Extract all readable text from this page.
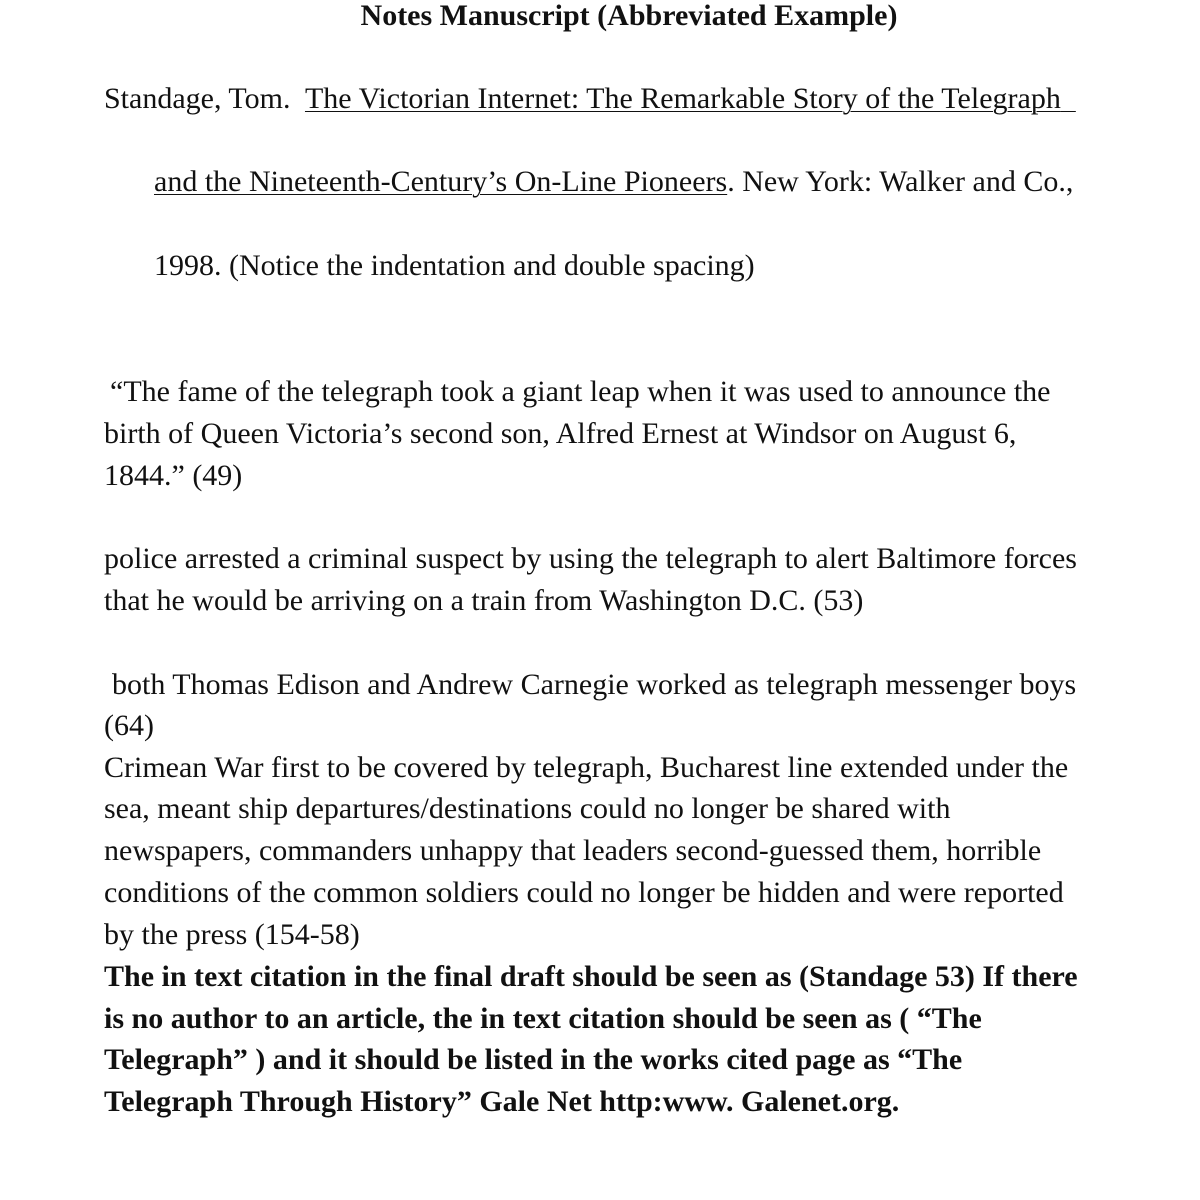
Notes Manuscript (Abbreviated Example)
Standage, Tom. The Victorian Internet: The Remarkable Story of the Telegraph
and the Nineteenth-Century’s On-Line Pioneers. New York: Walker and Co.,
1998. (Notice the indentation and double spacing)
“The fame of the telegraph took a giant leap when it was used to announce the
birth of Queen Victoria’s second son, Alfred Ernest at Windsor on August 6,
1844.” (49)
police arrested a criminal suspect by using the telegraph to alert Baltimore forces
that he would be arriving on a train from Washington D.C. (53)
both Thomas Edison and Andrew Carnegie worked as telegraph messenger boys
(64)
Crimean War first to be covered by telegraph, Bucharest line extended under the
sea, meant ship departures/destinations could no longer be shared with
newspapers, commanders unhappy that leaders second-guessed them, horrible
conditions of the common soldiers could no longer be hidden and were reported
by the press (154-58)
The in text citation in the final draft should be seen as (Standage 53) If there
is no author to an article, the in text citation should be seen as ( “The
Telegraph” ) and it should be listed in the works cited page as “The
Telegraph Through History” Gale Net http:www. Galenet.org.
